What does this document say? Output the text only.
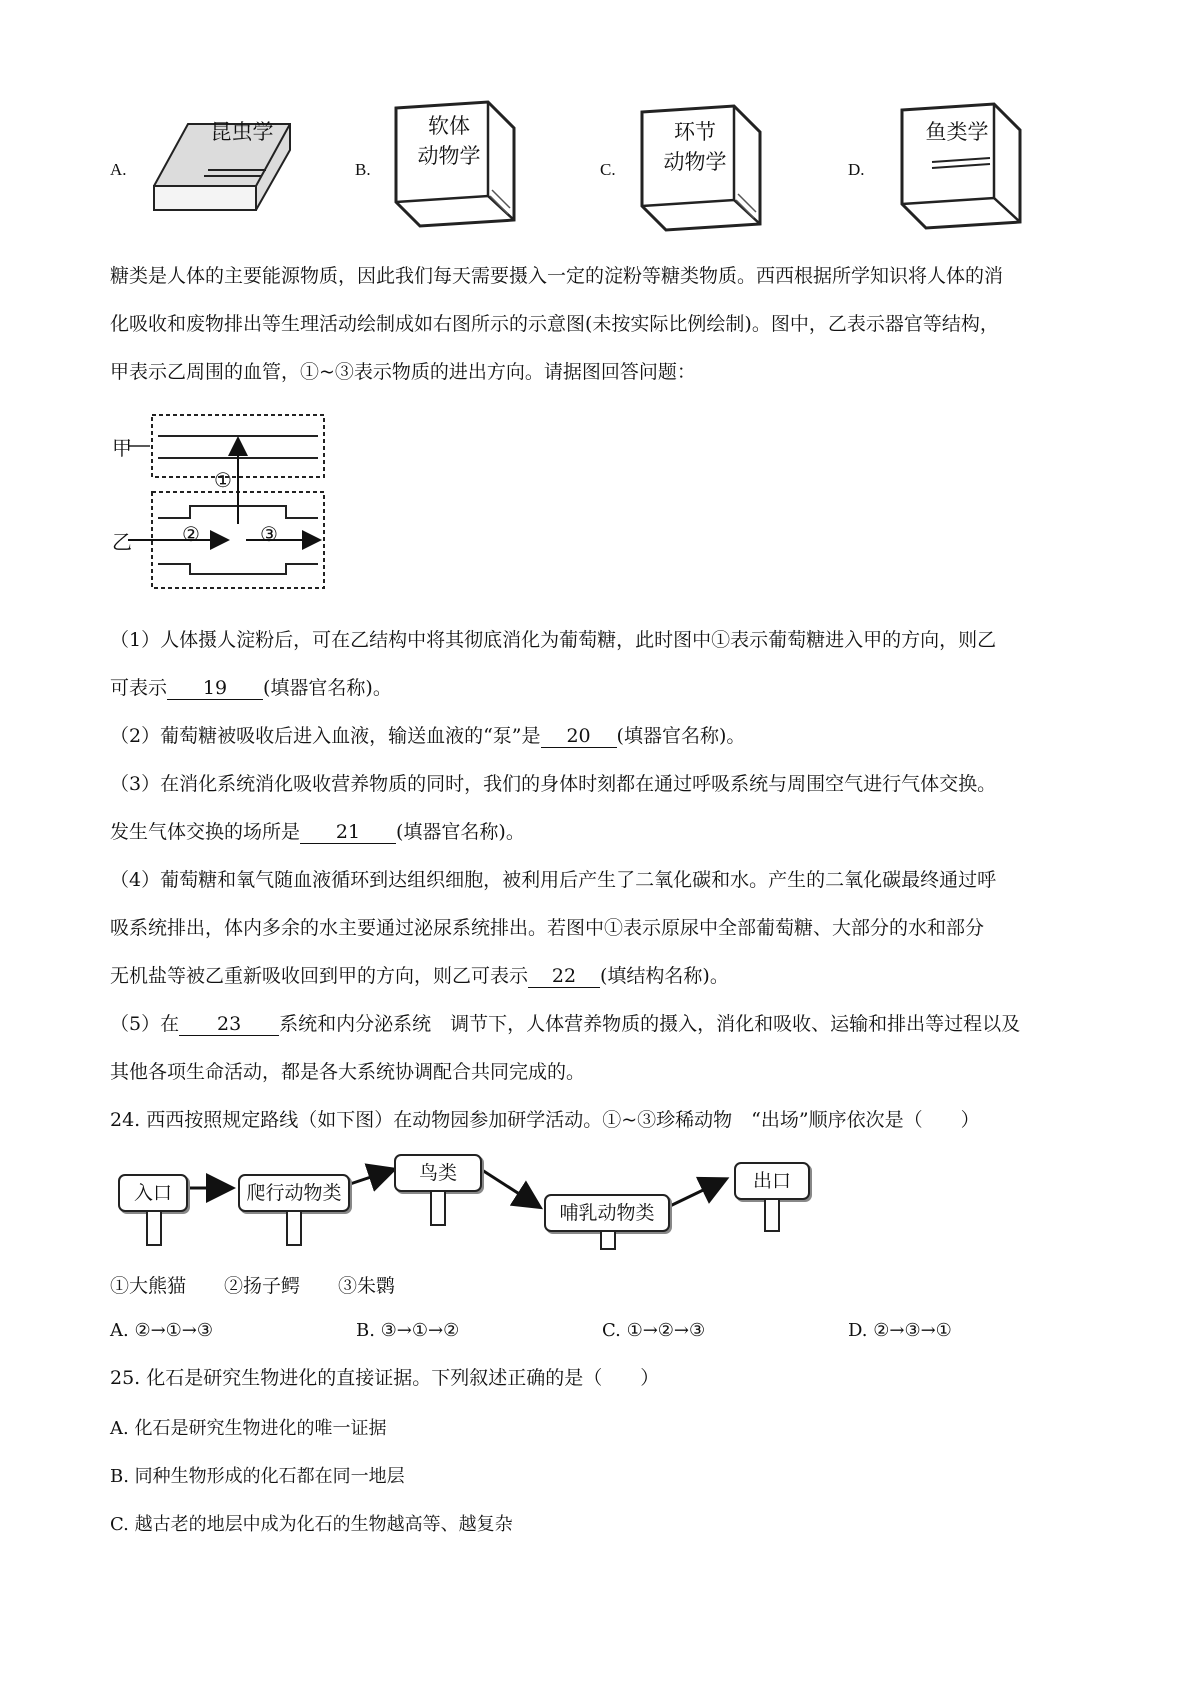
A.
昆虫学
B.
软体
动物学
C.
环节
动物学	D.
鱼类学
糖类是人体的主要能源物质，因此我们每天需要摄入一定的淀粉等糖类物质。西西根据所学知识将人体的消
化吸收和废物排出等生理活动绘制成如右图所示的示意图(未按实际比例绘制)。图中，乙表示器官等结构，
甲表示乙周围的血管，①~③表示物质的进出方向。请据图回答问题：
甲
乙
①
②	③
（1）人体摄人淀粉后，可在乙结构中将其彻底消化为葡萄糖，此时图中①表示葡萄糖进入甲的方向，则乙
可表示 19 (填器官名称)。
（2）葡萄糖被吸收后进入血液，输送血液的“泵”是 20 (填器官名称)。
（3）在消化系统消化吸收营养物质的同时，我们的身体时刻都在通过呼吸系统与周围空气进行气体交换。
发生气体交换的场所是 21 (填器官名称)。
（4）葡萄糖和氧气随血液循环到达组织细胞，被利用后产生了二氧化碳和水。产生的二氧化碳最终通过呼
吸系统排出，体内多余的水主要通过泌尿系统排出。若图中①表示原尿中全部葡萄糖、大部分的水和部分
无机盐等被乙重新吸收回到甲的方向，则乙可表示 22 (填结构名称)。
（5）在 23 系统和内分泌系统　调节下，人体营养物质的摄入，消化和吸收、运输和排出等过程以及
其他各项生命活动，都是各大系统协调配合共同完成的。
24. 西西按照规定路线（如下图）在动物园参加研学活动。①~③珍稀动物　“出场”顺序依次是（　　）
入口	爬行动物类
鸟类
哺乳动物类
出口
①大熊猫　　②扬子鳄　　③朱鹮
A. ②→①→③	B. ③→①→②	C. ①→②→③	D. ②→③→①
25. 化石是研究生物进化的直接证据。下列叙述正确的是（　　）
A. 化石是研究生物进化的唯一证据
B. 同种生物形成的化石都在同一地层
C. 越古老的地层中成为化石的生物越高等、越复杂
